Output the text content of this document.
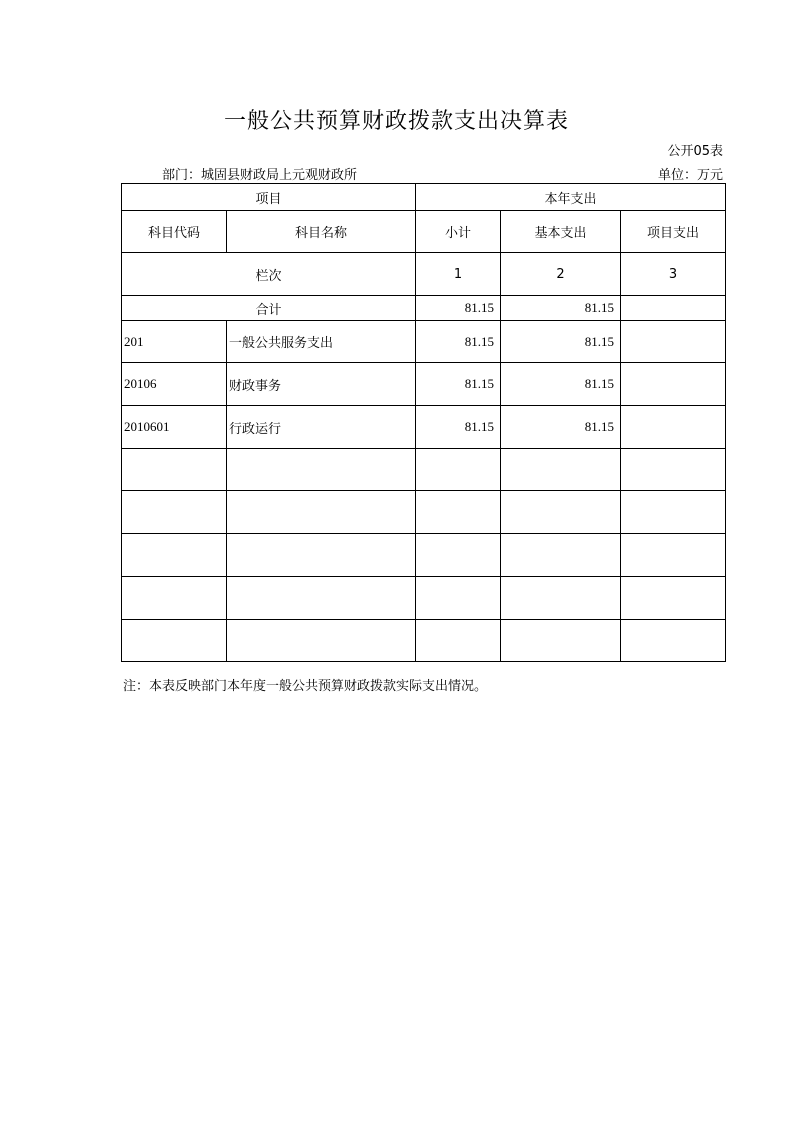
一般公共预算财政拨款支出决算表
公开05表
部门：城固县财政局上元观财政所	单位：万元
项目		本年支出		
科目代码	科目名称	小计	基本支出	项目支出
栏次		1	2	3
合计		81.15	81.15	
201	一般公共服务支出	81.15	81.15	
20106	财政事务	81.15	81.15	
2010601	行政运行	81.15	81.15	

注：本表反映部门本年度一般公共预算财政拨款实际支出情况。
